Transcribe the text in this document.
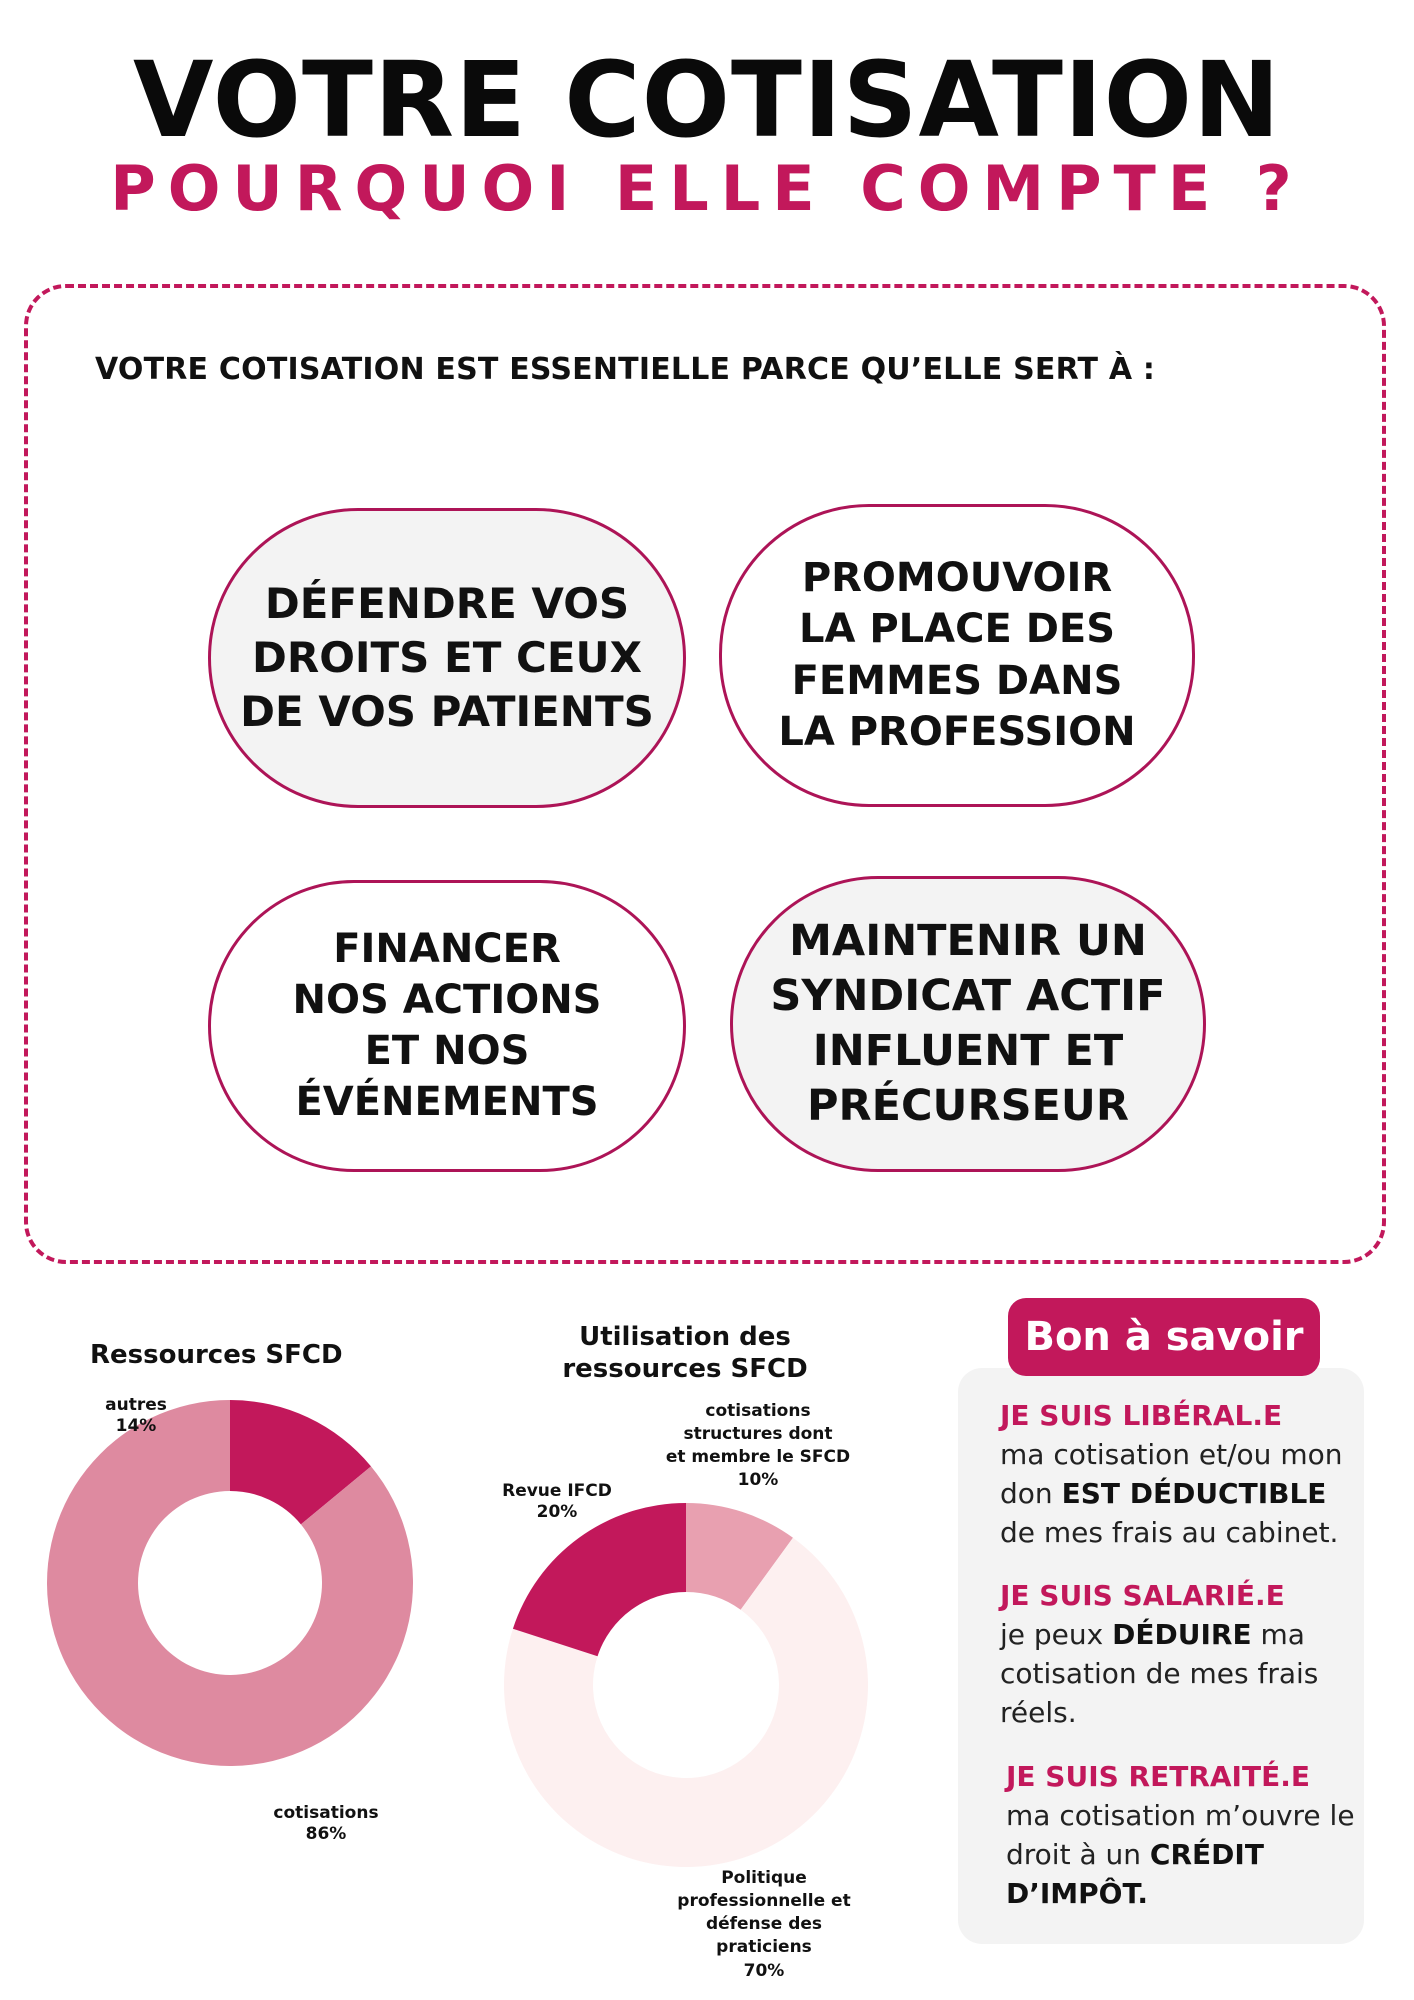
VOTRE COTISATION
POURQUOI ELLE COMPTE ?
VOTRE COTISATION EST ESSENTIELLE PARCE QU’ELLE SERT À :
DÉFENDRE VOS
DROITS ET CEUX
DE VOS PATIENTS
PROMOUVOIR
LA PLACE DES
FEMMES DANS
LA PROFESSION
FINANCER
NOS ACTIONS
ET NOS
ÉVÉNEMENTS
MAINTENIR UN
SYNDICAT ACTIF
INFLUENT ET
PRÉCURSEUR
Ressources SFCD
autres
14%
cotisations
86%
Utilisation des ressources SFCD
cotisations
structures dont
et membre le SFCD
10%
Revue IFCD
20%
Politique
professionnelle et
défense des
praticiens
70%
Bon à savoir
JE SUIS LIBÉRAL.E
ma cotisation et/ou mon don EST DÉDUCTIBLE de mes frais au cabinet.
JE SUIS SALARIÉ.E
je peux DÉDUIRE ma cotisation de mes frais réels.
JE SUIS RETRAITÉ.E
ma cotisation m’ouvre le droit à un CRÉDIT D’IMPÔT.
